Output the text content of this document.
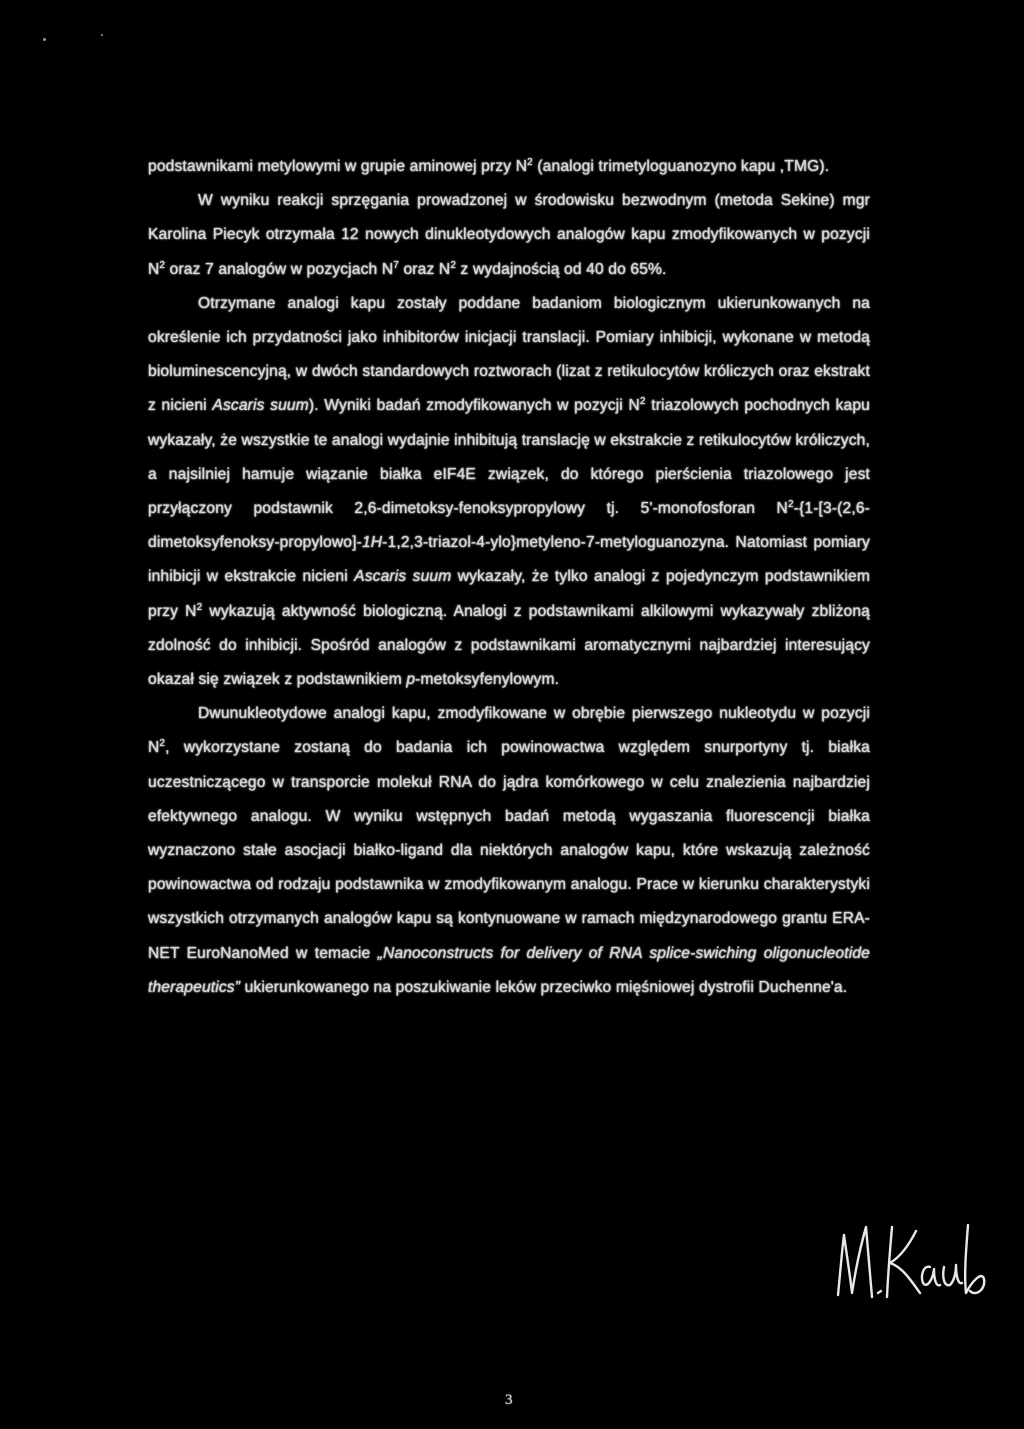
podstawnikami metylowymi w grupie aminowej przy $N^2$ (analogi trimetyloguanozyno kapu ,TMG).

W wyniku reakcji sprzęgania prowadzonej w środowisku bezwodnym (metoda Sekine) mgr Karolina Piecyk otrzymała 12 nowych dinukleotydowych analogów kapu zmodyfikowanych w pozycji $N^2$ oraz 7 analogów w pozycjach $N^7$ oraz $N^2$ z wydajnością od 40 do 65%.

Otrzymane analogi kapu zostały poddane badaniom biologicznym ukierunkowanych na określenie ich przydatności jako inhibitorów inicjacji translacji. Pomiary inhibicji, wykonane w metodą bioluminescencyjną, w dwóch standardowych roztworach (lizat z retikulocytów króliczych oraz ekstrakt z nicieni Ascaris suum). Wyniki badań zmodyfikowanych w pozycji $N^2$ triazolowych pochodnych kapu wykazały, że wszystkie te analogi wydajnie inhibitują translację w ekstrakcie z retikulocytów króliczych, a najsilniej hamuje wiązanie białka eIF4E związek, do którego pierścienia triazolowego jest przyłączony podstawnik 2,6-dimetoksy-fenoksypropylowy tj. 5'-monofosforan $N^2-\{1-[3-(2,6-$ dimetoksyfenoksy-propylowo]-1H-1,2,3-triazol-4-ylo}metyleno-7-metyloguanozyna. Natomiast pomiary inhibicji w ekstrakcie nicieni Ascaris suum wykazały, że tylko analogi z pojedynczym podstawnikiem przy $N^2$ wykazują aktywność biologiczną. Analogi z podstawnikami alkilowymi wykazywały zbliżoną zdolność do inhibicji. Spośród analogów z podstawnikami aromatycznymi najbardziej interesujący okazał się związek z podstawnikiem p-metoksyfenylowym.

Dwunukleotydowe analogi kapu, zmodyfikowane w obrębie pierwszego nukleotydu w pozycji $N^2$, wykorzystane zostaną do badania ich powinowactwa względem snurportyny tj. białka uczestniczącego w transporcie molekuł RNA do jądra komórkowego w celu znalezienia najbardziej efektywnego analogu. W wyniku wstępnych badań metodą wygaszania fluorescencji białka wyznaczono stałe asocjacji białko-ligand dla niektórych analogów kapu, które wskazują zależność powinowactwa od rodzaju podstawnika w zmodyfikowanym analogu. Prace w kierunku charakterystyki wszystkich otrzymanych analogów kapu są kontynuowane w ramach międzynarodowego grantu ERA-NET EuroNanoMed w temacie „Nanoconstructs for delivery of RNA splice-swiching oligonucleotide therapeutics” ukierunkowanego na poszukiwanie leków przeciwko mięśniowej dystrofii Duchenne'a.

3
